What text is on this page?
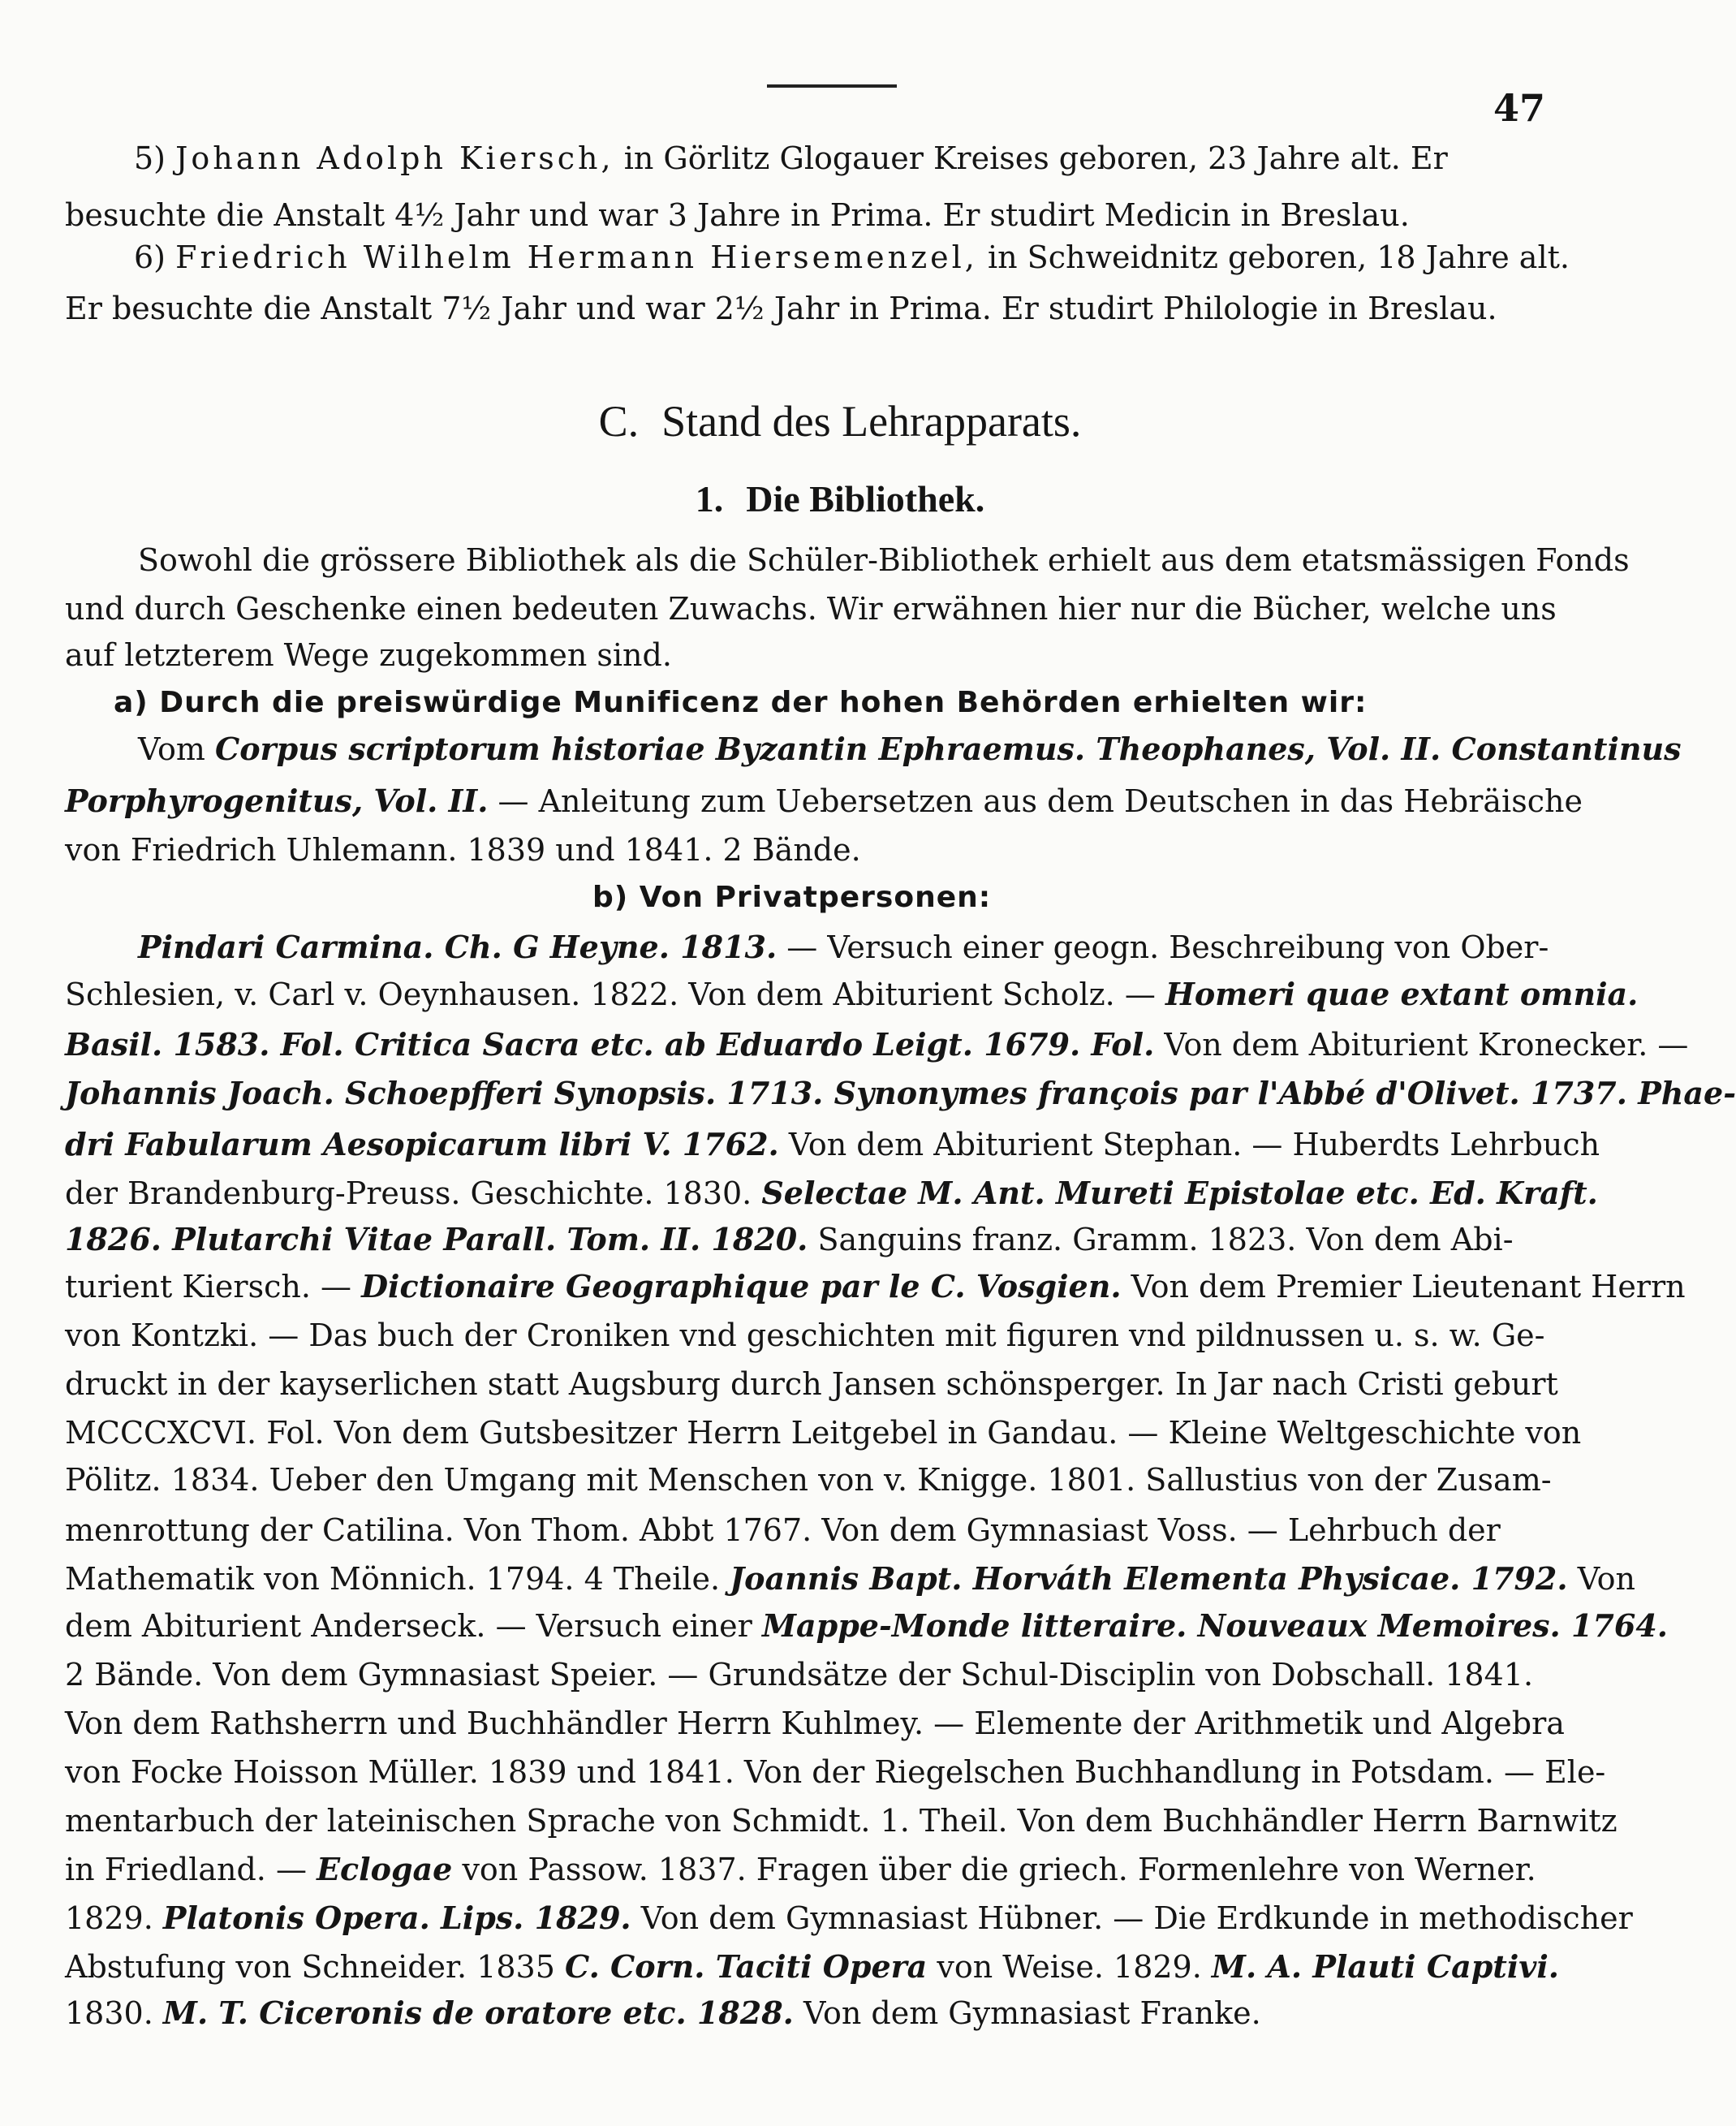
47
5) Johann Adolph Kiersch, in Görlitz Glogauer Kreises geboren, 23 Jahre alt. Er
besuchte die Anstalt 4½ Jahr und war 3 Jahre in Prima. Er studirt Medicin in Breslau.
6) Friedrich Wilhelm Hermann Hiersemenzel, in Schweidnitz geboren, 18 Jahre alt.
Er besuchte die Anstalt 7½ Jahr und war 2½ Jahr in Prima. Er studirt Philologie in Breslau.
C. Stand des Lehrapparats.
1. Die Bibliothek.
Sowohl die grössere Bibliothek als die Schüler-Bibliothek erhielt aus dem etatsmässigen Fonds
und durch Geschenke einen bedeuten Zuwachs. Wir erwähnen hier nur die Bücher, welche uns
auf letzterem Wege zugekommen sind.
a) Durch die preiswürdige Munificenz der hohen Behörden erhielten wir:
Vom Corpus scriptorum historiae Byzantin Ephraemus. Theophanes, Vol. II. Constantinus
Porphyrogenitus, Vol. II. — Anleitung zum Uebersetzen aus dem Deutschen in das Hebräische
von Friedrich Uhlemann. 1839 und 1841. 2 Bände.
b) Von Privatpersonen:
Pindari Carmina. Ch. G Heyne. 1813. — Versuch einer geogn. Beschreibung von Ober-
Schlesien, v. Carl v. Oeynhausen. 1822. Von dem Abiturient Scholz. — Homeri quae extant omnia.
Basil. 1583. Fol. Critica Sacra etc. ab Eduardo Leigt. 1679. Fol. Von dem Abiturient Kronecker. —
Johannis Joach. Schoepfferi Synopsis. 1713. Synonymes françois par l'Abbé d'Olivet. 1737. Phae-
dri Fabularum Aesopicarum libri V. 1762. Von dem Abiturient Stephan. — Huberdts Lehrbuch
der Brandenburg-Preuss. Geschichte. 1830. Selectae M. Ant. Mureti Epistolae etc. Ed. Kraft.
1826. Plutarchi Vitae Parall. Tom. II. 1820. Sanguins franz. Gramm. 1823. Von dem Abi-
turient Kiersch. — Dictionaire Geographique par le C. Vosgien. Von dem Premier Lieutenant Herrn
von Kontzki. — Das buch der Croniken vnd geschichten mit figuren vnd pildnussen u. s. w. Ge-
druckt in der kayserlichen statt Augsburg durch Jansen schönsperger. In Jar nach Cristi geburt
MCCCXCVI. Fol. Von dem Gutsbesitzer Herrn Leitgebel in Gandau. — Kleine Weltgeschichte von
Pölitz. 1834. Ueber den Umgang mit Menschen von v. Knigge. 1801. Sallustius von der Zusam-
menrottung der Catilina. Von Thom. Abbt 1767. Von dem Gymnasiast Voss. — Lehrbuch der
Mathematik von Mönnich. 1794. 4 Theile. Joannis Bapt. Horváth Elementa Physicae. 1792. Von
dem Abiturient Anderseck. — Versuch einer Mappe-Monde litteraire. Nouveaux Memoires. 1764.
2 Bände. Von dem Gymnasiast Speier. — Grundsätze der Schul-Disciplin von Dobschall. 1841.
Von dem Rathsherrn und Buchhändler Herrn Kuhlmey. — Elemente der Arithmetik und Algebra
von Focke Hoisson Müller. 1839 und 1841. Von der Riegelschen Buchhandlung in Potsdam. — Ele-
mentarbuch der lateinischen Sprache von Schmidt. 1. Theil. Von dem Buchhändler Herrn Barnwitz
in Friedland. — Eclogae von Passow. 1837. Fragen über die griech. Formenlehre von Werner.
1829. Platonis Opera. Lips. 1829. Von dem Gymnasiast Hübner. — Die Erdkunde in methodischer
Abstufung von Schneider. 1835 C. Corn. Taciti Opera von Weise. 1829. M. A. Plauti Captivi.
1830. M. T. Ciceronis de oratore etc. 1828. Von dem Gymnasiast Franke.
